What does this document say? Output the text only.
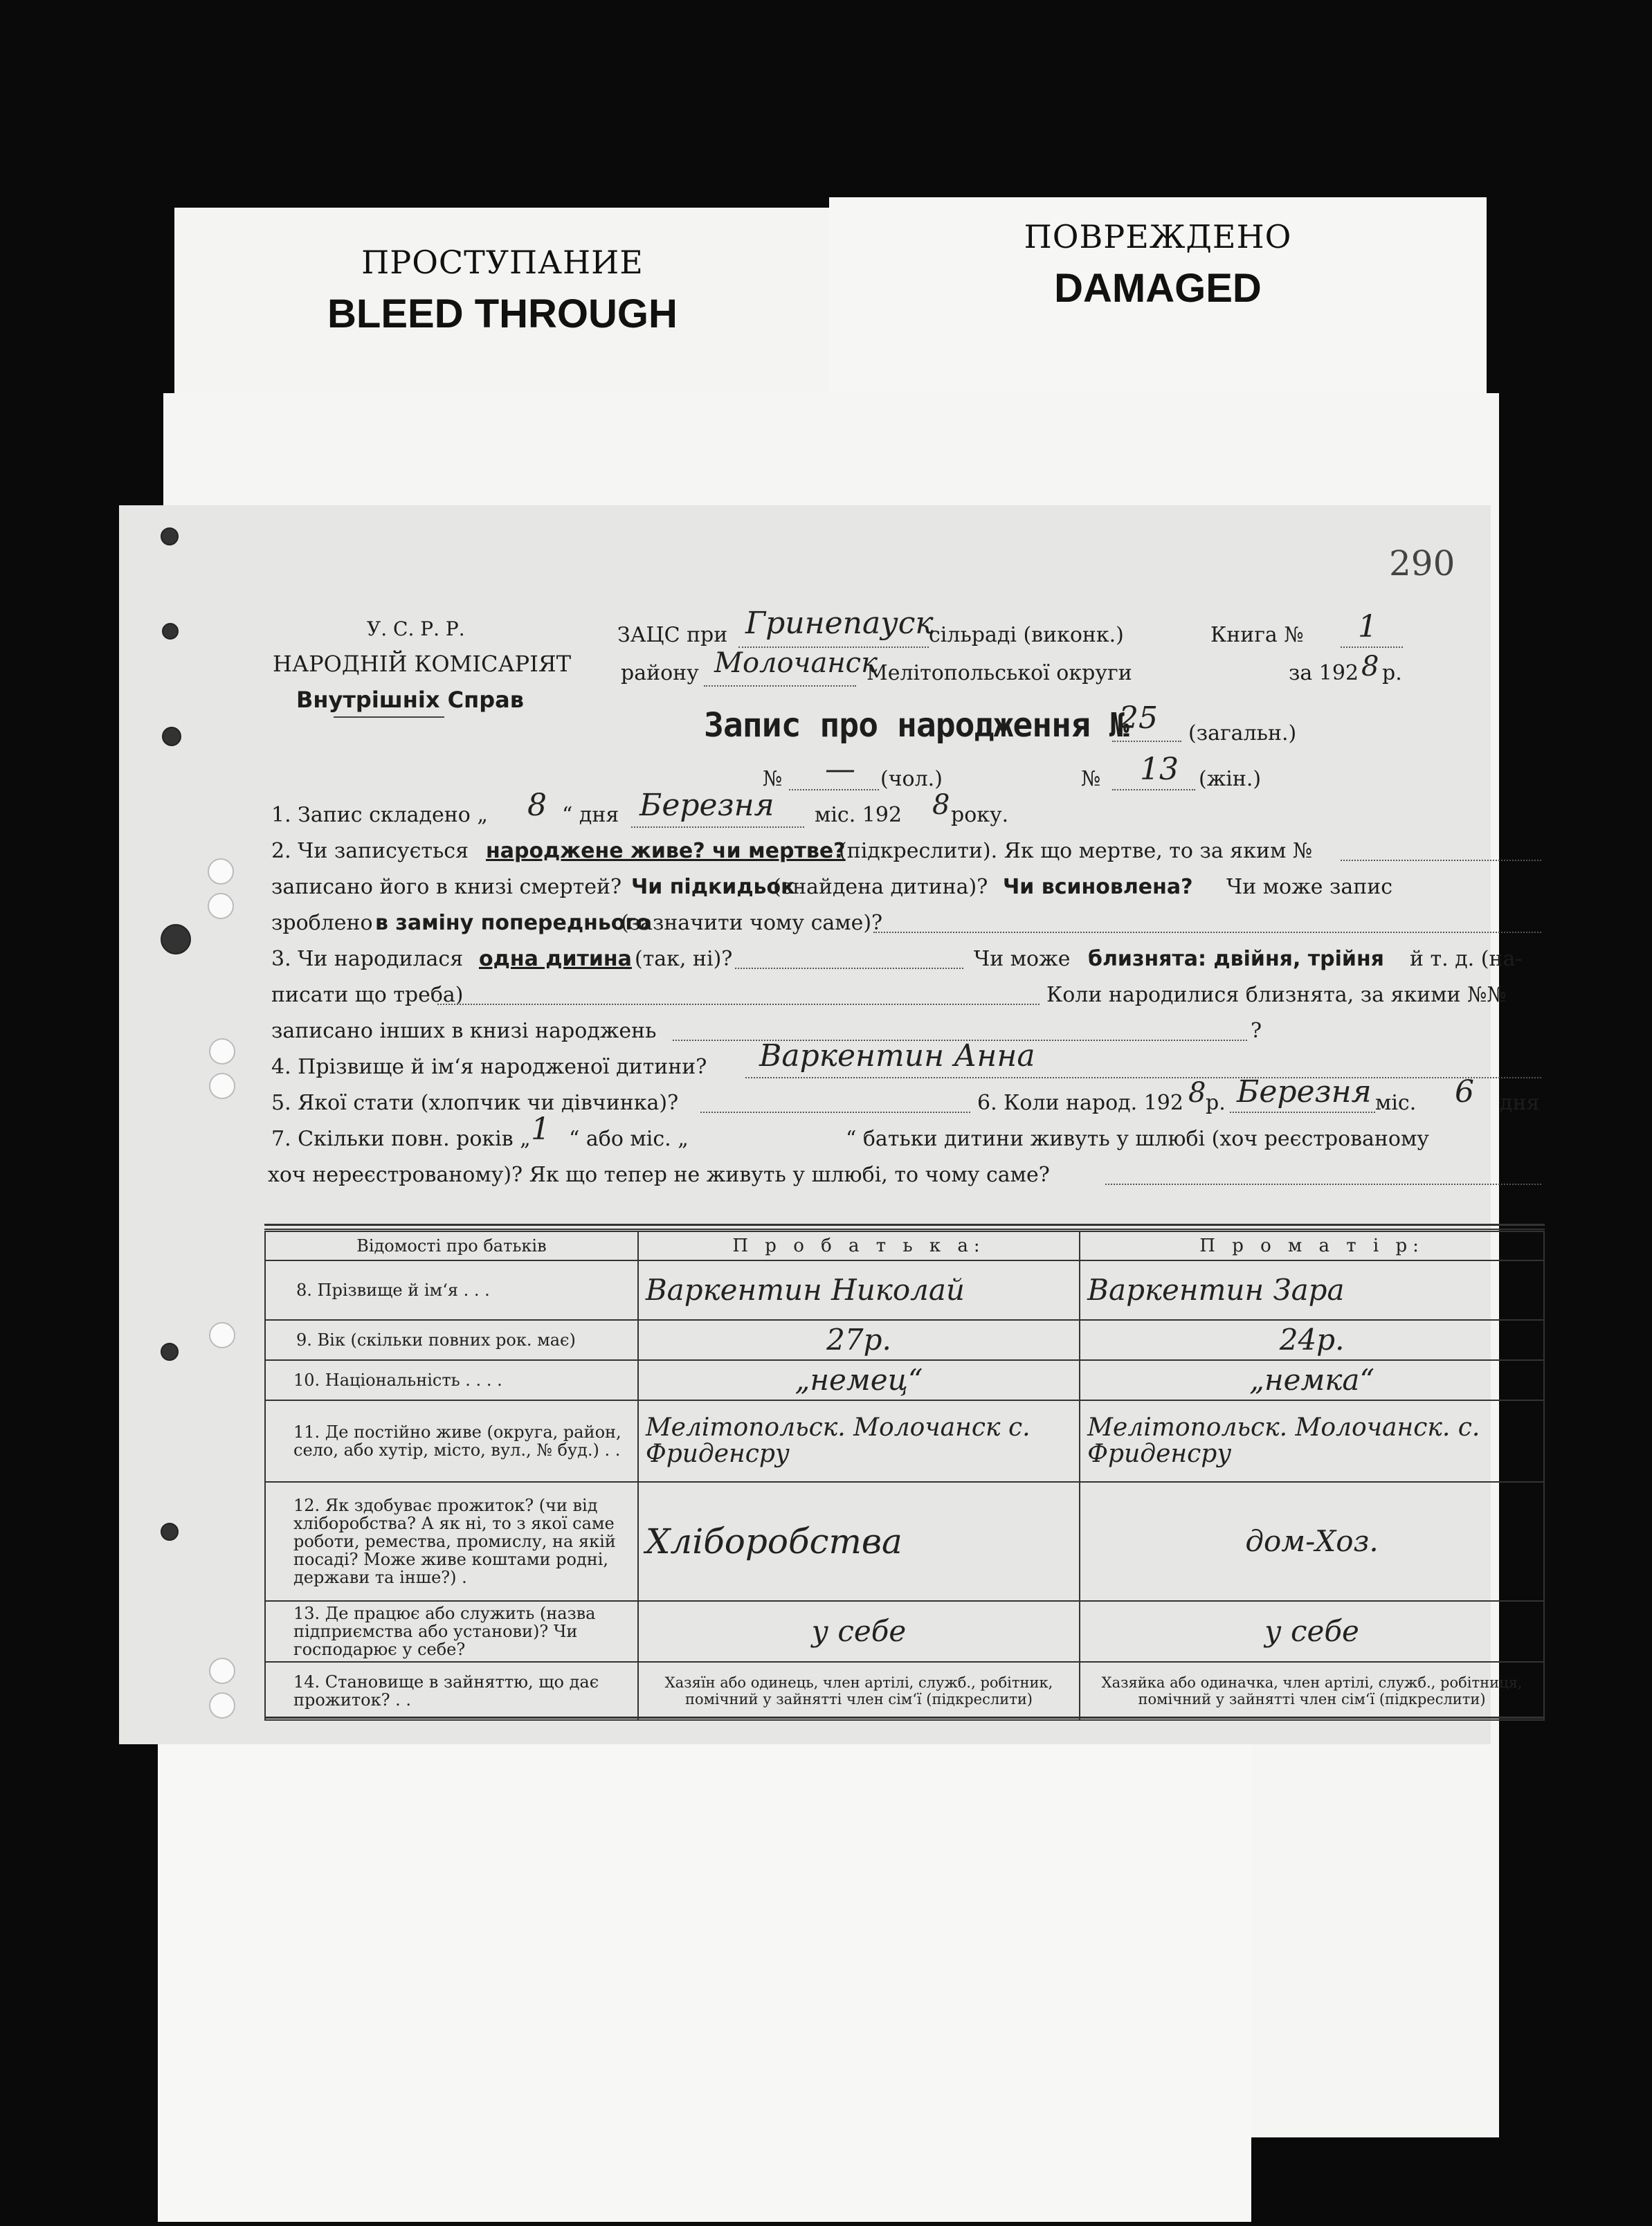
ПРОСТУПАНИЕ
BLEED THROUGH
ПОВРЕЖДЕНО
DAMAGED
290
У. С. Р. Р.
НАРОДНІЙ КОМІСАРІЯТ
Внутрішніх Справ
ЗАЦС при Гринепауск
сільраді (виконк.)	Книга № 1
району Молочанск
Мелітопольської округи	за 192 8 р.
Запис про народження №
25 (загальн.)
№ — (чол.)	№ 13 (жін.)
1. Запис складено „ 8 “ дня Березня міс. 192 8 року.
2. Чи записується народжене живе? чи мертве?
(підкреслити). Як що мертве, то за яким №
записано його в книзі смертей? Чи підкидьок
(знайдена дитина)? Чи всиновлена? Чи може запис
зроблено в заміну попереднього
(зазначити чому саме)?
3. Чи народилася одна дитина (так, ні)?	Чи може близнята: двійня, трійня й т. д. (на-
писати що треба)	Коли народилися близнята, за якими №№
записано інших в книзі народжень	?
4. Прізвище й ім‘я народженої дитини? Варкентин Анна
5. Якої стати (хлопчик чи дівчинка)?	6. Коли народ. 192 8 р. Березня міс. 6 дня
7. Скільки повн. років „ 1 “ або міс. „	“ батьки дитини живуть у шлюбі (хоч реєстрованому
хоч нереєстрованому)? Як що тепер не живуть у шлюбі, то чому саме?
Відомості про батьків	П р о б а т ь к а:	П р о м а т і р:
8. Прізвище й ім‘я . . .	Варкентин Николай	Варкентин Зара
9. Вік (скільки повних рок. має)	27р.	24р.
10. Національність . . . .	„немец“	„немка“
11. Де постійно живе (округа, район, село, або хутір, місто, вул., № буд.) . .	Мелітопольск. Молочанск с. Фриденсру	Мелітопольск. Молочанск. с. Фриденсру
12. Як здобуває прожиток? (чи від хліборобства? А як ні, то з якої саме роботи, ремества, промислу, на якій посаді? Може живе коштами родні, держави та інше?) .	Хліборобства	дом-Хоз.
13. Де працює або служить (назва підприємства або установи)? Чи господарює у себе?	у себе	у себе
14. Становище в зайняттю, що дає прожиток? . .	Хазяїн або одинець, член артілі, служб., робітник, помічний у зайнятті член сім‘ї (підкреслити)	Хазяйка або одиначка, член артілі, служб., робітниця, помічний у зайнятті член сім‘ї (підкреслити)
